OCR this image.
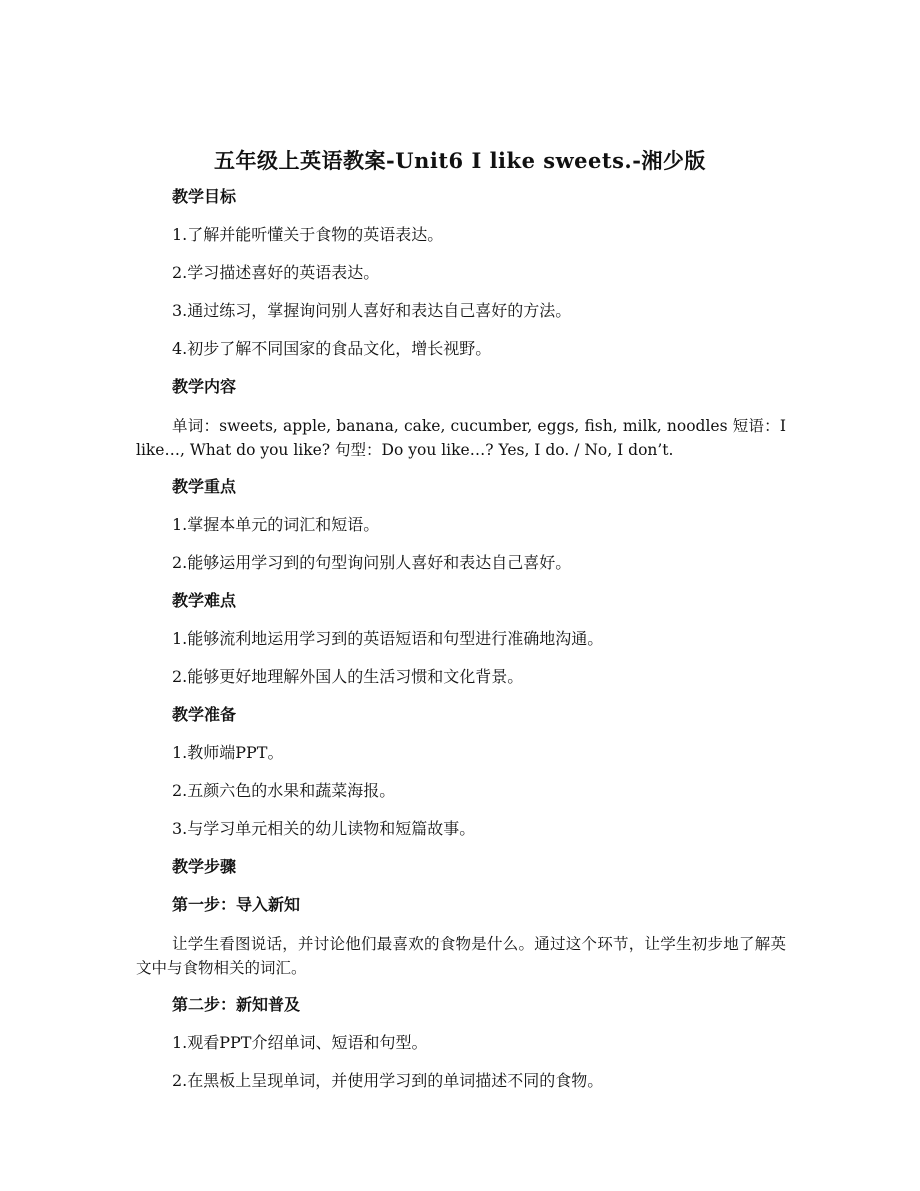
五年级上英语教案-Unit6 I like sweets.-湘少版
教学目标
1.了解并能听懂关于食物的英语表达。
2.学习描述喜好的英语表达。
3.通过练习，掌握询问别人喜好和表达自己喜好的方法。
4.初步了解不同国家的食品文化，增长视野。
教学内容
单词：sweets, apple, banana, cake, cucumber, eggs, fish, milk, noodles 短语：I like…, What do you like? 句型：Do you like…? Yes, I do. / No, I don’t.
教学重点
1.掌握本单元的词汇和短语。
2.能够运用学习到的句型询问别人喜好和表达自己喜好。
教学难点
1.能够流利地运用学习到的英语短语和句型进行准确地沟通。
2.能够更好地理解外国人的生活习惯和文化背景。
教学准备
1.教师端PPT。
2.五颜六色的水果和蔬菜海报。
3.与学习单元相关的幼儿读物和短篇故事。
教学步骤
第一步：导入新知
让学生看图说话，并讨论他们最喜欢的食物是什么。通过这个环节，让学生初步地了解英文中与食物相关的词汇。
第二步：新知普及
1.观看PPT介绍单词、短语和句型。
2.在黑板上呈现单词，并使用学习到的单词描述不同的食物。
